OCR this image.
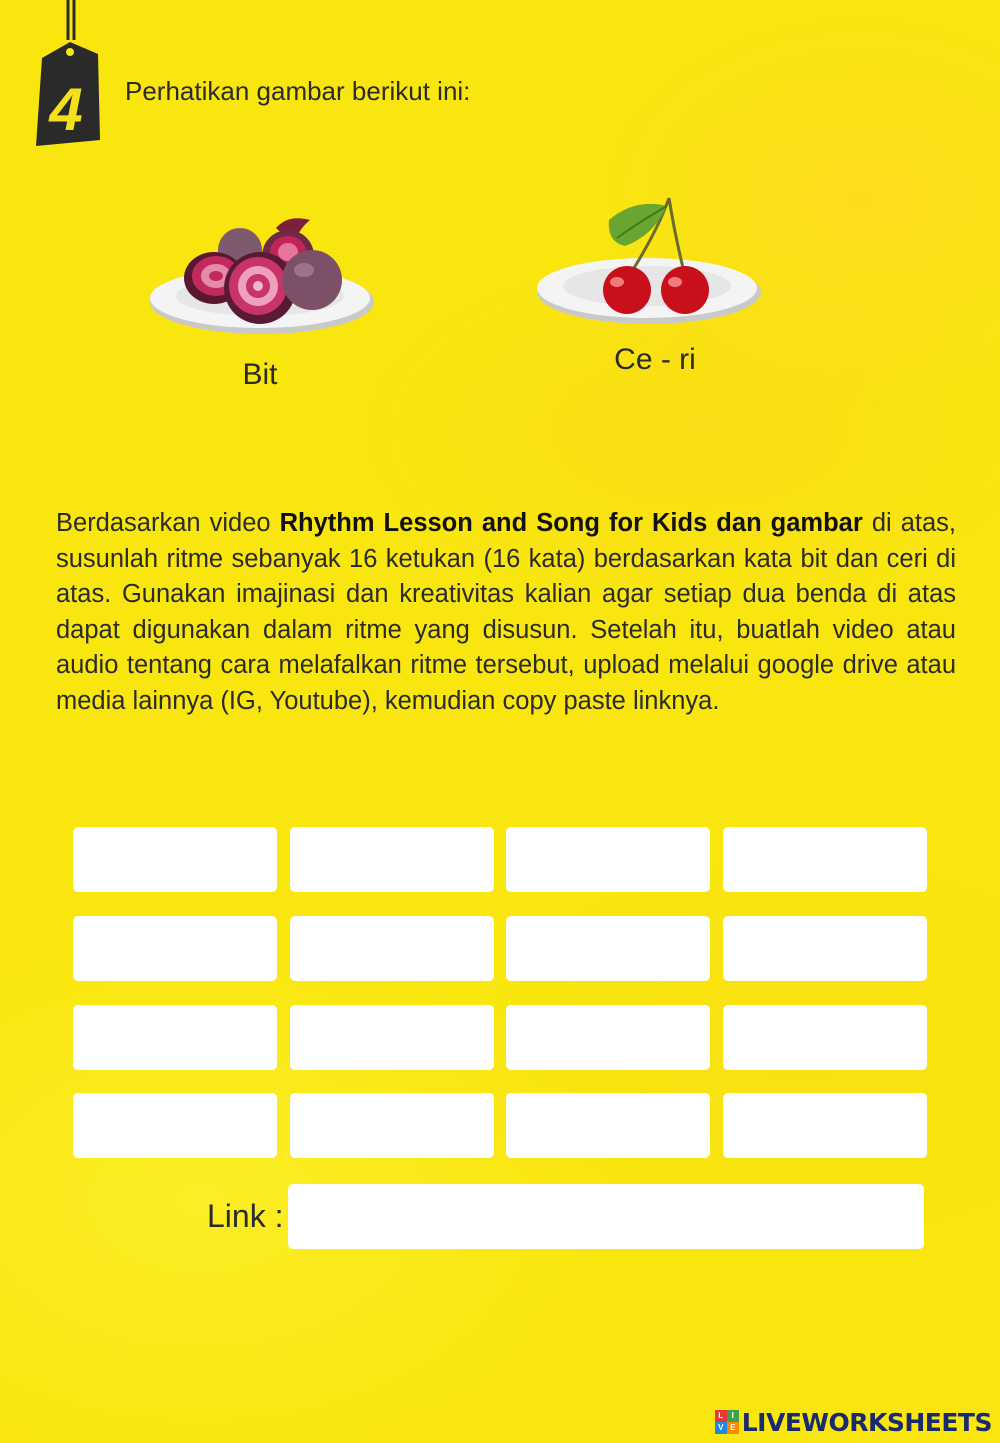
4 Perhatikan gambar berikut ini:
Bit	Ce - ri

Berdasarkan video Rhythm Lesson and Song for Kids dan gambar di atas, susunlah ritme sebanyak 16 ketukan (16 kata) berdasarkan kata bit dan ceri di atas. Gunakan imajinasi dan kreativitas kalian agar setiap dua benda di atas dapat digunakan dalam ritme yang disusun. Setelah itu, buatlah video atau audio tentang cara melafalkan ritme tersebut, upload melalui google drive atau media lainnya (IG, Youtube), kemudian copy paste linknya.

Link :
L	I
V E LIVEWORKSHEETS
